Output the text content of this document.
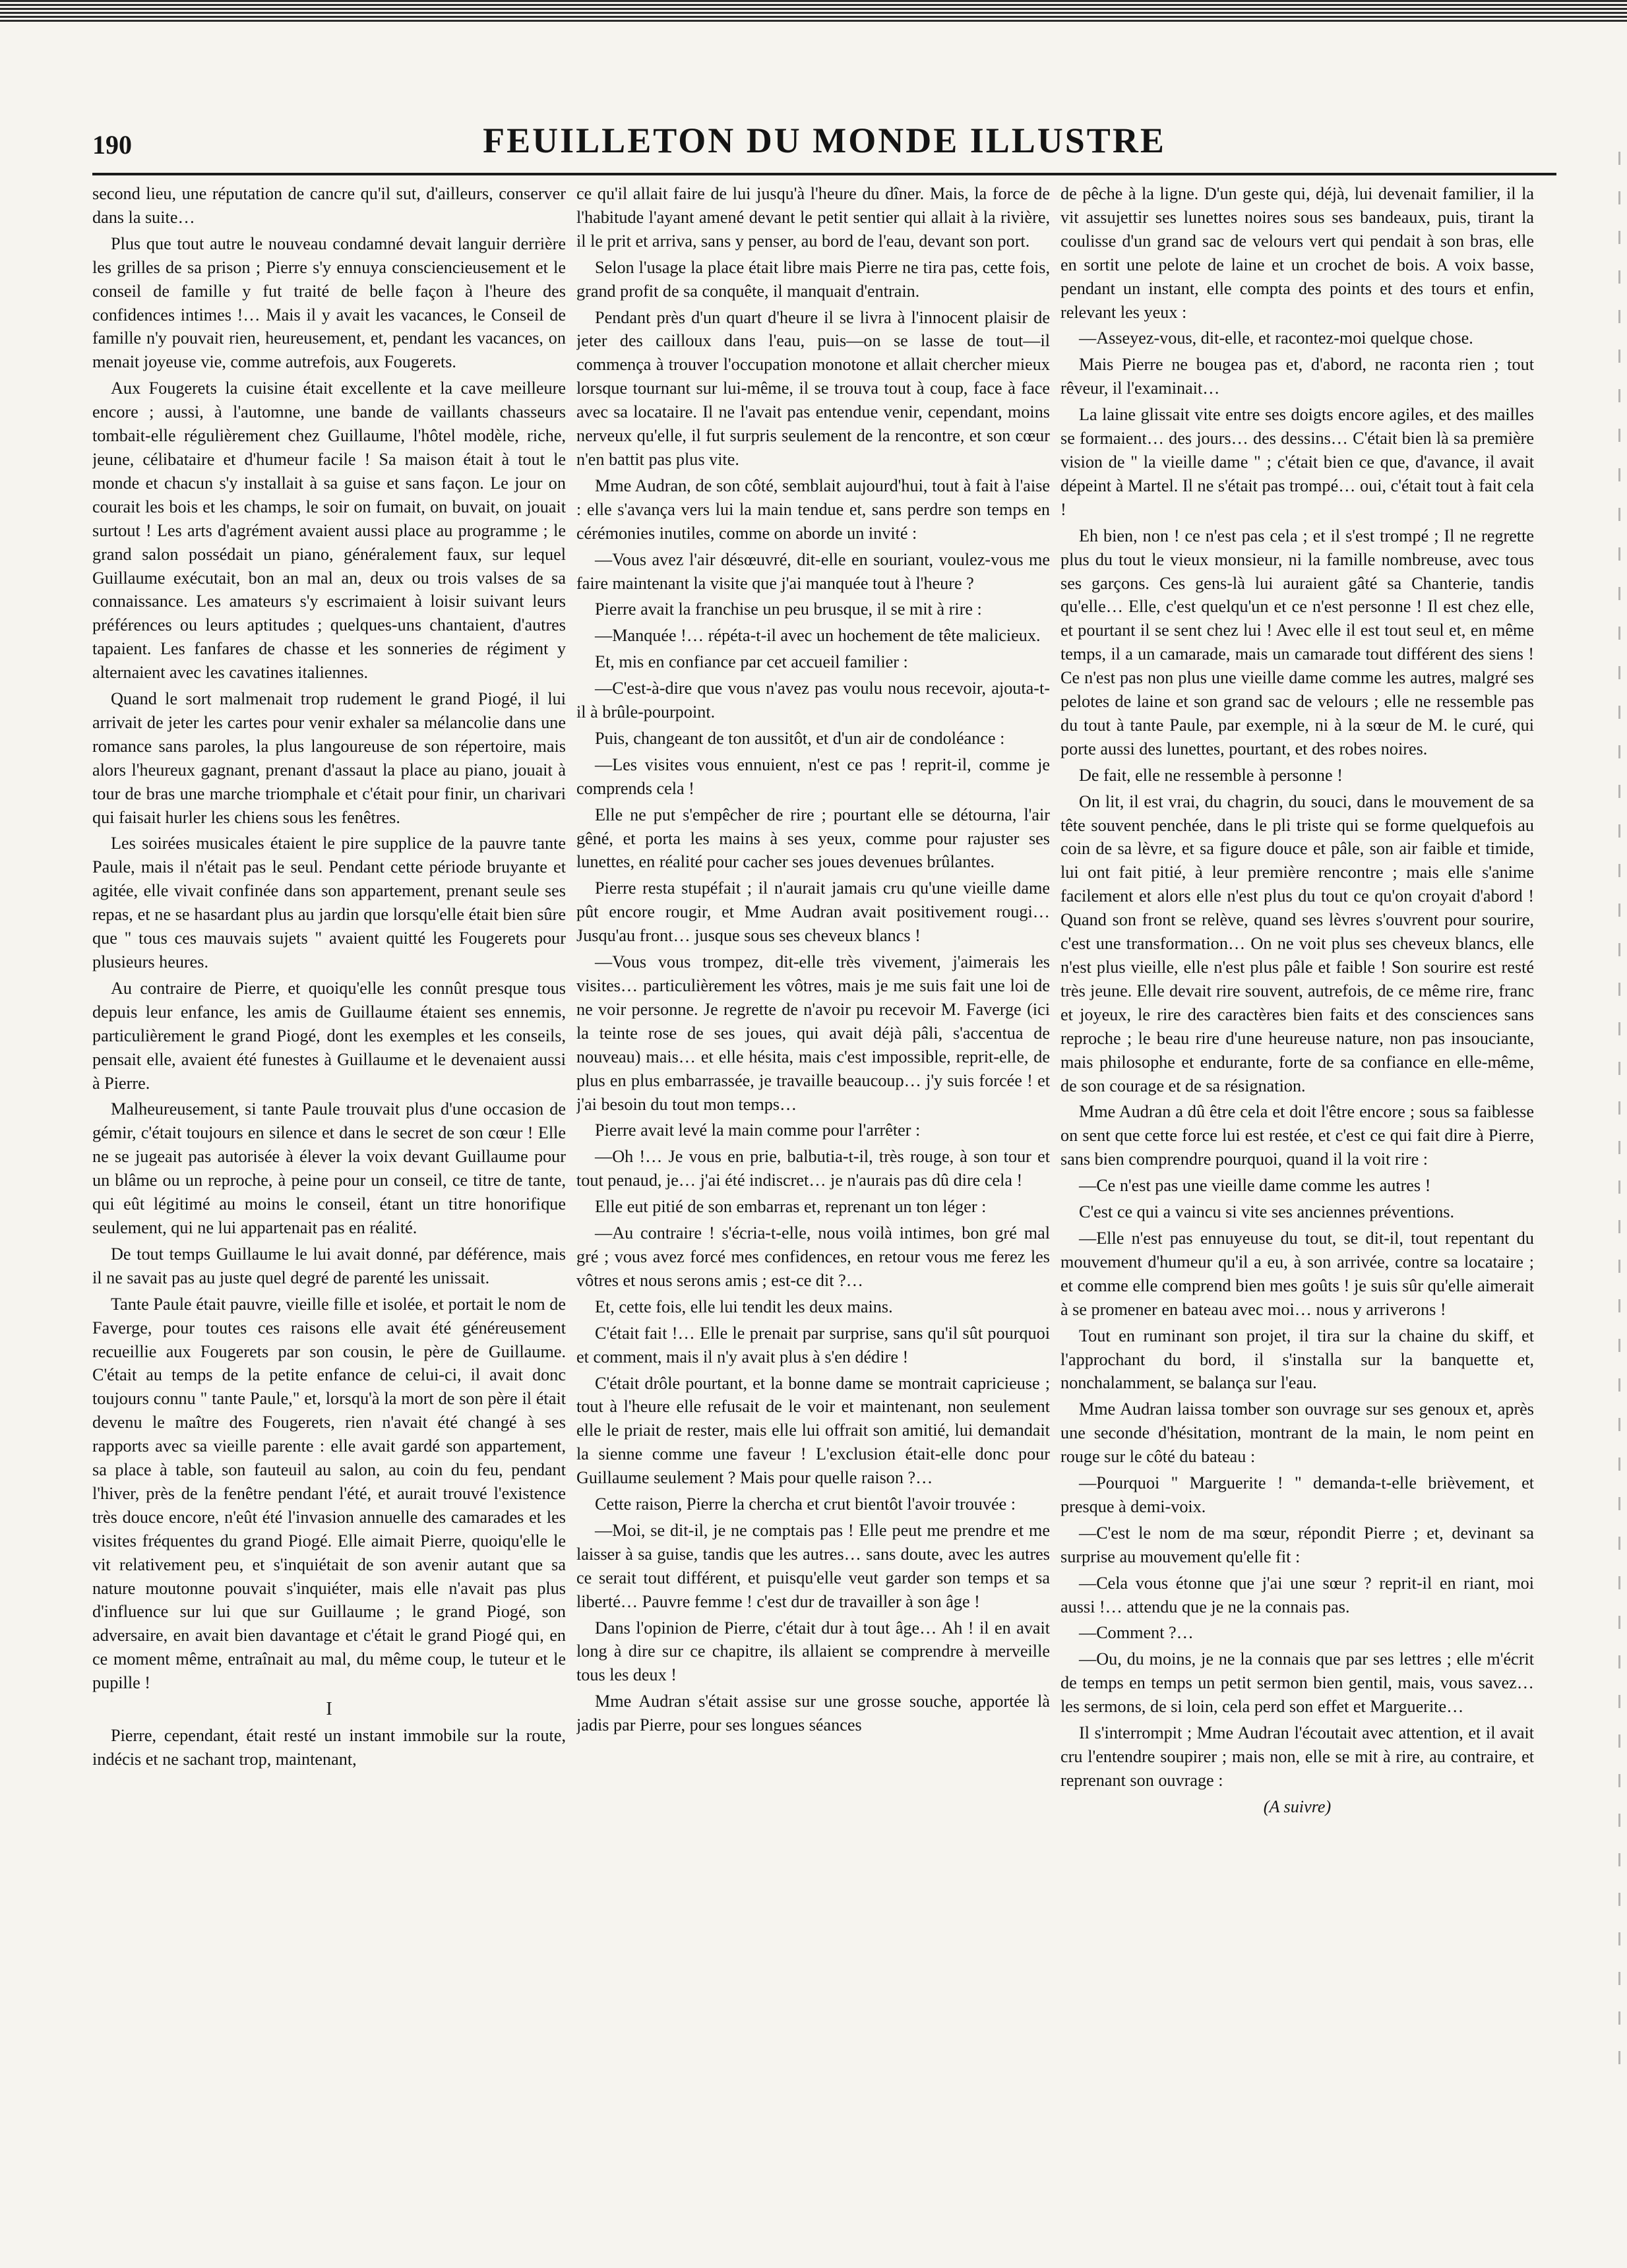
190	FEUILLETON DU MONDE ILLUSTRE

second lieu, une réputation de cancre qu'il sut, d'ailleurs, conserver dans la suite…

Plus que tout autre le nouveau condamné devait languir derrière les grilles de sa prison ; Pierre s'y ennuya consciencieusement et le conseil de famille y fut traité de belle façon à l'heure des confidences intimes !… Mais il y avait les vacances, le Conseil de famille n'y pouvait rien, heureusement, et, pendant les vacances, on menait joyeuse vie, comme autrefois, aux Fougerets.

Aux Fougerets la cuisine était excellente et la cave meilleure encore ; aussi, à l'automne, une bande de vaillants chasseurs tombait-elle régulièrement chez Guillaume, l'hôtel modèle, riche, jeune, célibataire et d'humeur facile ! Sa maison était à tout le monde et chacun s'y installait à sa guise et sans façon. Le jour on courait les bois et les champs, le soir on fumait, on buvait, on jouait surtout ! Les arts d'agrément avaient aussi place au programme ; le grand salon possédait un piano, généralement faux, sur lequel Guillaume exécutait, bon an mal an, deux ou trois valses de sa connaissance. Les amateurs s'y escrimaient à loisir suivant leurs préférences ou leurs aptitudes ; quelques-uns chantaient, d'autres tapaient. Les fanfares de chasse et les sonneries de régiment y alternaient avec les cavatines italiennes.

Quand le sort malmenait trop rudement le grand Piogé, il lui arrivait de jeter les cartes pour venir exhaler sa mélancolie dans une romance sans paroles, la plus langoureuse de son répertoire, mais alors l'heureux gagnant, prenant d'assaut la place au piano, jouait à tour de bras une marche triomphale et c'était pour finir, un charivari qui faisait hurler les chiens sous les fenêtres.

Les soirées musicales étaient le pire supplice de la pauvre tante Paule, mais il n'était pas le seul. Pendant cette période bruyante et agitée, elle vivait confinée dans son appartement, prenant seule ses repas, et ne se hasardant plus au jardin que lorsqu'elle était bien sûre que " tous ces mauvais sujets " avaient quitté les Fougerets pour plusieurs heures.

Au contraire de Pierre, et quoiqu'elle les connût presque tous depuis leur enfance, les amis de Guillaume étaient ses ennemis, particulièrement le grand Piogé, dont les exemples et les conseils, pensait elle, avaient été funestes à Guillaume et le devenaient aussi à Pierre.

Malheureusement, si tante Paule trouvait plus d'une occasion de gémir, c'était toujours en silence et dans le secret de son cœur ! Elle ne se jugeait pas autorisée à élever la voix devant Guillaume pour un blâme ou un reproche, à peine pour un conseil, ce titre de tante, qui eût légitimé au moins le conseil, étant un titre honorifique seulement, qui ne lui appartenait pas en réalité.

De tout temps Guillaume le lui avait donné, par déférence, mais il ne savait pas au juste quel degré de parenté les unissait.

Tante Paule était pauvre, vieille fille et isolée, et portait le nom de Faverge, pour toutes ces raisons elle avait été généreusement recueillie aux Fougerets par son cousin, le père de Guillaume. C'était au temps de la petite enfance de celui-ci, il avait donc toujours connu " tante Paule," et, lorsqu'à la mort de son père il était devenu le maître des Fougerets, rien n'avait été changé à ses rapports avec sa vieille parente : elle avait gardé son appartement, sa place à table, son fauteuil au salon, au coin du feu, pendant l'hiver, près de la fenêtre pendant l'été, et aurait trouvé l'existence très douce encore, n'eût été l'invasion annuelle des camarades et les visites fréquentes du grand Piogé. Elle aimait Pierre, quoiqu'elle le vit relativement peu, et s'inquiétait de son avenir autant que sa nature moutonne pouvait s'inquiéter, mais elle n'avait pas plus d'influence sur lui que sur Guillaume ; le grand Piogé, son adversaire, en avait bien davantage et c'était le grand Piogé qui, en ce moment même, entraînait au mal, du même coup, le tuteur et le pupille !

I

Pierre, cependant, était resté un instant immobile sur la route, indécis et ne sachant trop, maintenant,

ce qu'il allait faire de lui jusqu'à l'heure du dîner. Mais, la force de l'habitude l'ayant amené devant le petit sentier qui allait à la rivière, il le prit et arriva, sans y penser, au bord de l'eau, devant son port.

Selon l'usage la place était libre mais Pierre ne tira pas, cette fois, grand profit de sa conquête, il manquait d'entrain.

Pendant près d'un quart d'heure il se livra à l'innocent plaisir de jeter des cailloux dans l'eau, puis—on se lasse de tout—il commença à trouver l'occupation monotone et allait chercher mieux lorsque tournant sur lui-même, il se trouva tout à coup, face à face avec sa locataire. Il ne l'avait pas entendue venir, cependant, moins nerveux qu'elle, il fut surpris seulement de la rencontre, et son cœur n'en battit pas plus vite.

Mme Audran, de son côté, semblait aujourd'hui, tout à fait à l'aise : elle s'avança vers lui la main tendue et, sans perdre son temps en cérémonies inutiles, comme on aborde un invité :

—Vous avez l'air désœuvré, dit-elle en souriant, voulez-vous me faire maintenant la visite que j'ai manquée tout à l'heure ?

Pierre avait la franchise un peu brusque, il se mit à rire :

—Manquée !… répéta-t-il avec un hochement de tête malicieux.

Et, mis en confiance par cet accueil familier :

—C'est-à-dire que vous n'avez pas voulu nous recevoir, ajouta-t-il à brûle-pourpoint.

Puis, changeant de ton aussitôt, et d'un air de condoléance :

—Les visites vous ennuient, n'est ce pas ! reprit-il, comme je comprends cela !

Elle ne put s'empêcher de rire ; pourtant elle se détourna, l'air gêné, et porta les mains à ses yeux, comme pour rajuster ses lunettes, en réalité pour cacher ses joues devenues brûlantes.

Pierre resta stupéfait ; il n'aurait jamais cru qu'une vieille dame pût encore rougir, et Mme Audran avait positivement rougi… Jusqu'au front… jusque sous ses cheveux blancs !

—Vous vous trompez, dit-elle très vivement, j'aimerais les visites… particulièrement les vôtres, mais je me suis fait une loi de ne voir personne. Je regrette de n'avoir pu recevoir M. Faverge (ici la teinte rose de ses joues, qui avait déjà pâli, s'accentua de nouveau) mais… et elle hésita, mais c'est impossible, reprit-elle, de plus en plus embarrassée, je travaille beaucoup… j'y suis forcée ! et j'ai besoin du tout mon temps…

Pierre avait levé la main comme pour l'arrêter :

—Oh !… Je vous en prie, balbutia-t-il, très rouge, à son tour et tout penaud, je… j'ai été indiscret… je n'aurais pas dû dire cela !

Elle eut pitié de son embarras et, reprenant un ton léger :

—Au contraire ! s'écria-t-elle, nous voilà intimes, bon gré mal gré ; vous avez forcé mes confidences, en retour vous me ferez les vôtres et nous serons amis ; est-ce dit ?…

Et, cette fois, elle lui tendit les deux mains.

C'était fait !… Elle le prenait par surprise, sans qu'il sût pourquoi et comment, mais il n'y avait plus à s'en dédire !

C'était drôle pourtant, et la bonne dame se montrait capricieuse ; tout à l'heure elle refusait de le voir et maintenant, non seulement elle le priait de rester, mais elle lui offrait son amitié, lui demandait la sienne comme une faveur ! L'exclusion était-elle donc pour Guillaume seulement ? Mais pour quelle raison ?…

Cette raison, Pierre la chercha et crut bientôt l'avoir trouvée :

—Moi, se dit-il, je ne comptais pas ! Elle peut me prendre et me laisser à sa guise, tandis que les autres… sans doute, avec les autres ce serait tout différent, et puisqu'elle veut garder son temps et sa liberté… Pauvre femme ! c'est dur de travailler à son âge !

Dans l'opinion de Pierre, c'était dur à tout âge… Ah ! il en avait long à dire sur ce chapitre, ils allaient se comprendre à merveille tous les deux !

Mme Audran s'était assise sur une grosse souche, apportée là jadis par Pierre, pour ses longues séances

de pêche à la ligne. D'un geste qui, déjà, lui devenait familier, il la vit assujettir ses lunettes noires sous ses bandeaux, puis, tirant la coulisse d'un grand sac de velours vert qui pendait à son bras, elle en sortit une pelote de laine et un crochet de bois. A voix basse, pendant un instant, elle compta des points et des tours et enfin, relevant les yeux :

—Asseyez-vous, dit-elle, et racontez-moi quelque chose.

Mais Pierre ne bougea pas et, d'abord, ne raconta rien ; tout rêveur, il l'examinait…

La laine glissait vite entre ses doigts encore agiles, et des mailles se formaient… des jours… des dessins… C'était bien là sa première vision de " la vieille dame " ; c'était bien ce que, d'avance, il avait dépeint à Martel. Il ne s'était pas trompé… oui, c'était tout à fait cela !

Eh bien, non ! ce n'est pas cela ; et il s'est trompé ; Il ne regrette plus du tout le vieux monsieur, ni la famille nombreuse, avec tous ses garçons. Ces gens-là lui auraient gâté sa Chanterie, tandis qu'elle… Elle, c'est quelqu'un et ce n'est personne ! Il est chez elle, et pourtant il se sent chez lui ! Avec elle il est tout seul et, en même temps, il a un camarade, mais un camarade tout différent des siens ! Ce n'est pas non plus une vieille dame comme les autres, malgré ses pelotes de laine et son grand sac de velours ; elle ne ressemble pas du tout à tante Paule, par exemple, ni à la sœur de M. le curé, qui porte aussi des lunettes, pourtant, et des robes noires.

De fait, elle ne ressemble à personne !

On lit, il est vrai, du chagrin, du souci, dans le mouvement de sa tête souvent penchée, dans le pli triste qui se forme quelquefois au coin de sa lèvre, et sa figure douce et pâle, son air faible et timide, lui ont fait pitié, à leur première rencontre ; mais elle s'anime facilement et alors elle n'est plus du tout ce qu'on croyait d'abord ! Quand son front se relève, quand ses lèvres s'ouvrent pour sourire, c'est une transformation… On ne voit plus ses cheveux blancs, elle n'est plus vieille, elle n'est plus pâle et faible ! Son sourire est resté très jeune. Elle devait rire souvent, autrefois, de ce même rire, franc et joyeux, le rire des caractères bien faits et des consciences sans reproche ; le beau rire d'une heureuse nature, non pas insouciante, mais philosophe et endurante, forte de sa confiance en elle-même, de son courage et de sa résignation.

Mme Audran a dû être cela et doit l'être encore ; sous sa faiblesse on sent que cette force lui est restée, et c'est ce qui fait dire à Pierre, sans bien comprendre pourquoi, quand il la voit rire :

—Ce n'est pas une vieille dame comme les autres !

C'est ce qui a vaincu si vite ses anciennes préventions.

—Elle n'est pas ennuyeuse du tout, se dit-il, tout repentant du mouvement d'humeur qu'il a eu, à son arrivée, contre sa locataire ; et comme elle comprend bien mes goûts ! je suis sûr qu'elle aimerait à se promener en bateau avec moi… nous y arriverons !

Tout en ruminant son projet, il tira sur la chaine du skiff, et l'approchant du bord, il s'installa sur la banquette et, nonchalamment, se balança sur l'eau.

Mme Audran laissa tomber son ouvrage sur ses genoux et, après une seconde d'hésitation, montrant de la main, le nom peint en rouge sur le côté du bateau :

—Pourquoi " Marguerite ! " demanda-t-elle brièvement, et presque à demi-voix.

—C'est le nom de ma sœur, répondit Pierre ; et, devinant sa surprise au mouvement qu'elle fit :

—Cela vous étonne que j'ai une sœur ? reprit-il en riant, moi aussi !… attendu que je ne la connais pas.

—Comment ?…

—Ou, du moins, je ne la connais que par ses lettres ; elle m'écrit de temps en temps un petit sermon bien gentil, mais, vous savez… les sermons, de si loin, cela perd son effet et Marguerite…

Il s'interrompit ; Mme Audran l'écoutait avec attention, et il avait cru l'entendre soupirer ; mais non, elle se mit à rire, au contraire, et reprenant son ouvrage :

(A suivre)
